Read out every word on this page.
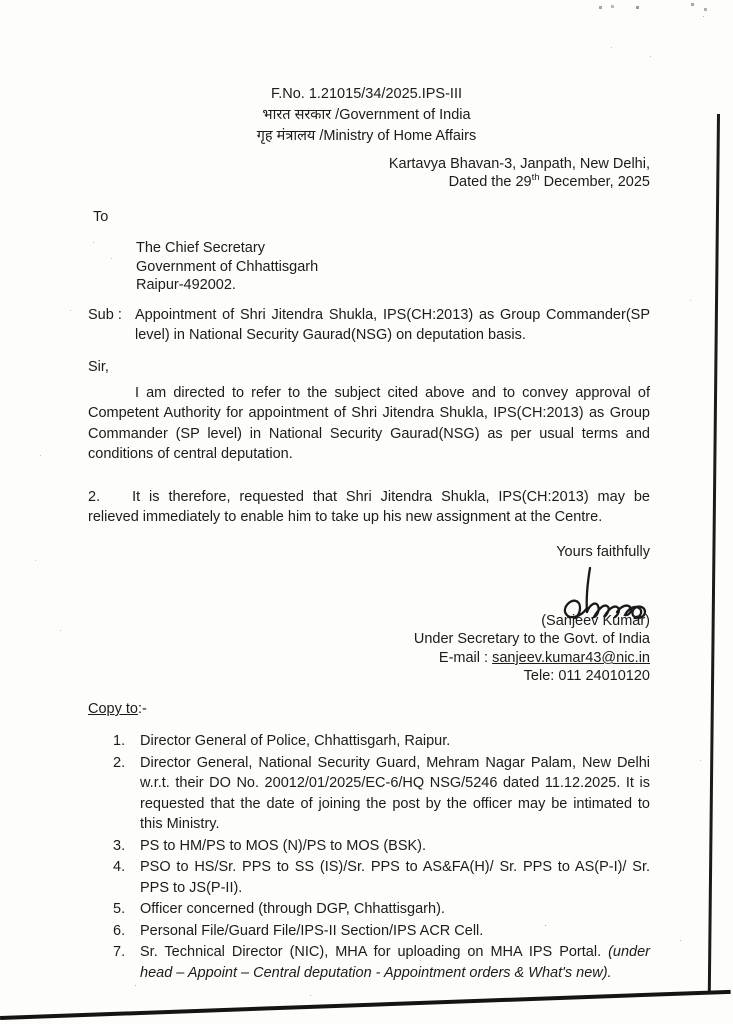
F.No. 1.21015/34/2025.IPS-III
भारत सरकार /Government of India
गृह मंत्रालय /Ministry of Home Affairs
Kartavya Bhavan-3, Janpath, New Delhi,
Dated the 29th December, 2025
To
The Chief Secretary
Government of Chhattisgarh
Raipur-492002.
Sub : Appointment of Shri Jitendra Shukla, IPS(CH:2013) as Group Commander(SP level) in National Security Gaurad(NSG) on deputation basis.
Sir,

I am directed to refer to the subject cited above and to convey approval of Competent Authority for appointment of Shri Jitendra Shukla, IPS(CH:2013) as Group Commander (SP level) in National Security Gaurad(NSG) as per usual terms and conditions of central deputation.

2. It is therefore, requested that Shri Jitendra Shukla, IPS(CH:2013) may be relieved immediately to enable him to take up his new assignment at the Centre.

Yours faithfully
(Sanjeev Kumar)
Under Secretary to the Govt. of India
E-mail : sanjeev.kumar43@nic.in
Tele: 011 24010120
Copy to:-
1.	Director General of Police, Chhattisgarh, Raipur.
2.	Director General, National Security Guard, Mehram Nagar Palam, New Delhi w.r.t. their DO No. 20012/01/2025/EC-6/HQ NSG/5246 dated 11.12.2025. It is requested that the date of joining the post by the officer may be intimated to this Ministry.
3.	PS to HM/PS to MOS (N)/PS to MOS (BSK).
4.	PSO to HS/Sr. PPS to SS (IS)/Sr. PPS to AS&FA(H)/ Sr. PPS to AS(P-I)/ Sr. PPS to JS(P-II).
5.	Officer concerned (through DGP, Chhattisgarh).
6.	Personal File/Guard File/IPS-II Section/IPS ACR Cell.
7.	Sr. Technical Director (NIC), MHA for uploading on MHA IPS Portal. (under head – Appoint – Central deputation - Appointment orders & What's new).
